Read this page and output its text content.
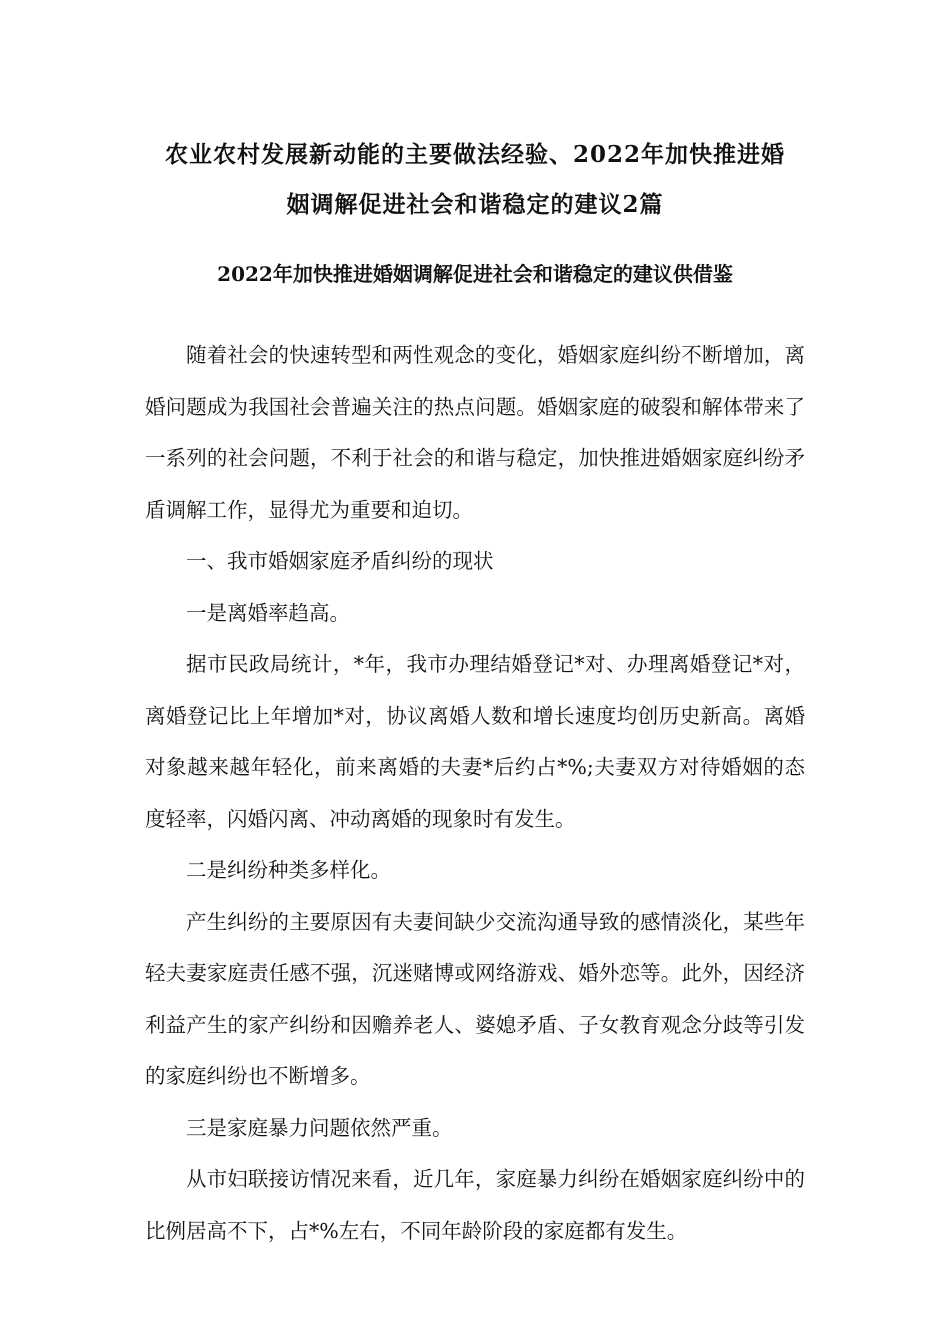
农业农村发展新动能的主要做法经验、2022年加快推进婚
姻调解促进社会和谐稳定的建议2篇
2022年加快推进婚姻调解促进社会和谐稳定的建议供借鉴

随着社会的快速转型和两性观念的变化，婚姻家庭纠纷不断增加，离婚问题成为我国社会普遍关注的热点问题。婚姻家庭的破裂和解体带来了一系列的社会问题，不利于社会的和谐与稳定，加快推进婚姻家庭纠纷矛盾调解工作，显得尤为重要和迫切。

一、我市婚姻家庭矛盾纠纷的现状

一是离婚率趋高。

据市民政局统计，*年，我市办理结婚登记*对、办理离婚登记*对，离婚登记比上年增加*对，协议离婚人数和增长速度均创历史新高。离婚对象越来越年轻化，前来离婚的夫妻*后约占*%;夫妻双方对待婚姻的态度轻率，闪婚闪离、冲动离婚的现象时有发生。

二是纠纷种类多样化。

产生纠纷的主要原因有夫妻间缺少交流沟通导致的感情淡化，某些年轻夫妻家庭责任感不强，沉迷赌博或网络游戏、婚外恋等。此外，因经济利益产生的家产纠纷和因赡养老人、婆媳矛盾、子女教育观念分歧等引发的家庭纠纷也不断增多。

三是家庭暴力问题依然严重。

从市妇联接访情况来看，近几年，家庭暴力纠纷在婚姻家庭纠纷中的比例居高不下，占*%左右，不同年龄阶段的家庭都有发生。
